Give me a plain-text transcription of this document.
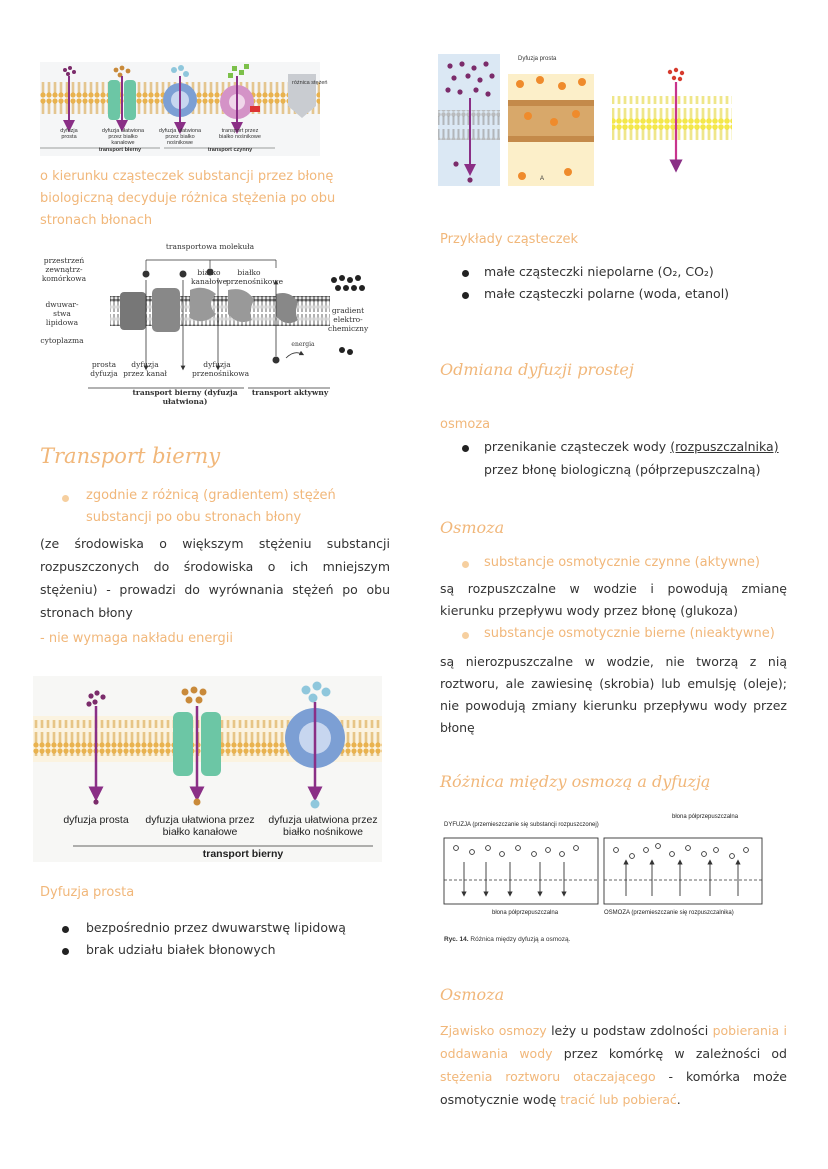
różnica stężeń
dyfuzja prosta
dyfuzja ułatwiona przez białko kanałowe
dyfuzja ułatwiona przez białko nośnikowe
transport przez białko nośnikowe
transport bierny	transport czynny
o kierunku cząsteczek substancji przez błonę biologiczną decyduje różnica stężenia po obu stronach błonach
transportowa molekuła
przestrzeń zewnątrz-komórkowa
dwuwar-stwa lipidowa
cytoplazma
białko kanałowe
białko przenośnikowe
gradient elektro-chemiczny
energia
prosta dyfuzja
dyfuzja przez kanał
dyfuzja przenośnikowa
transport bierny (dyfuzja ułatwiona)
transport aktywny
Transport bierny
zgodnie z różnicą (gradientem) stężeń substancji po obu stronach błony
(ze środowiska o większym stężeniu substancji rozpuszczonych do środowiska o ich mniejszym stężeniu) - prowadzi do wyrównania stężeń po obu stronach błony
- nie wymaga nakładu energii
dyfuzja prosta dyfuzja ułatwiona przez białko kanałowe
dyfuzja ułatwiona przez białko nośnikowe
transport bierny
Dyfuzja prosta
bezpośrednio przez dwuwarstwę lipidową
brak udziału białek błonowych
Dyfuzja prosta
A
Przykłady cząsteczek
małe cząsteczki niepolarne (O₂, CO₂)
małe cząsteczki polarne (woda, etanol)
Odmiana dyfuzji prostej
osmoza
przenikanie cząsteczek wody (rozpuszczalnika)
przez błonę biologiczną (półprzepuszczalną)
Osmoza
substancje osmotycznie czynne (aktywne)
są rozpuszczalne w wodzie i powodują zmianę kierunku przepływu wody przez błonę (glukoza)
substancje osmotycznie bierne (nieaktywne)
są nierozpuszczalne w wodzie, nie tworzą z nią roztworu, ale zawiesinę (skrobia) lub emulsję (oleje); nie powodują zmiany kierunku przepływu wody przez błonę
Różnica między osmozą a dyfuzją
DYFUZJA (przemieszczanie się substancji rozpuszczonej)
błona półprzepuszczalna
błona półprzepuszczalna	OSMOZA (przemieszczanie się rozpuszczalnika)
Ryc. 14. Różnica między dyfuzją a osmozą.
Osmoza
Zjawisko osmozy leży u podstaw zdolności pobierania i oddawania wody przez komórkę w zależności od stężenia roztworu otaczającego - komórka może osmotycznie wodę tracić lub pobierać.
